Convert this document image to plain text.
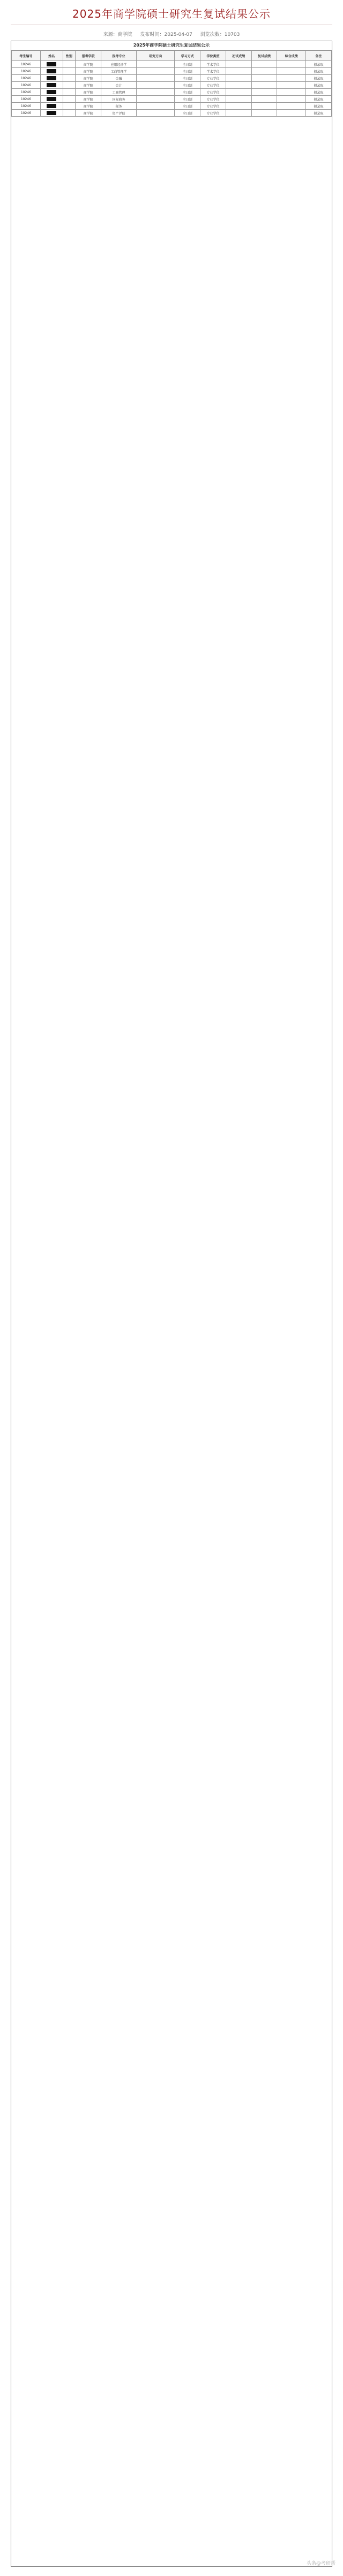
2025年商学院硕士研究生复试结果公示
来源：商学院 发布时间：2025-04-07 浏览次数：10703
2025年商学院硕士研究生复试结果公示
考生编号	姓名	性别	报考学院	报考专业	研究方向	学习方式	学位类型	初试成绩	复试成绩	综合成绩	备注
10246			商学院	应用经济学		全日制	学术学位				拟录取
10246			商学院	工商管理学		全日制	学术学位				拟录取
10246			商学院	金融		全日制	专业学位				拟录取
10246			商学院	会计		全日制	专业学位				拟录取
10246			商学院	工商管理		全日制	专业学位				拟录取
10246			商学院	国际商务		全日制	专业学位				拟录取
10246			商学院	税务		全日制	专业学位				拟录取
10246			商学院	资产评估		全日制	专业学位				拟录取
头条@考研帮
